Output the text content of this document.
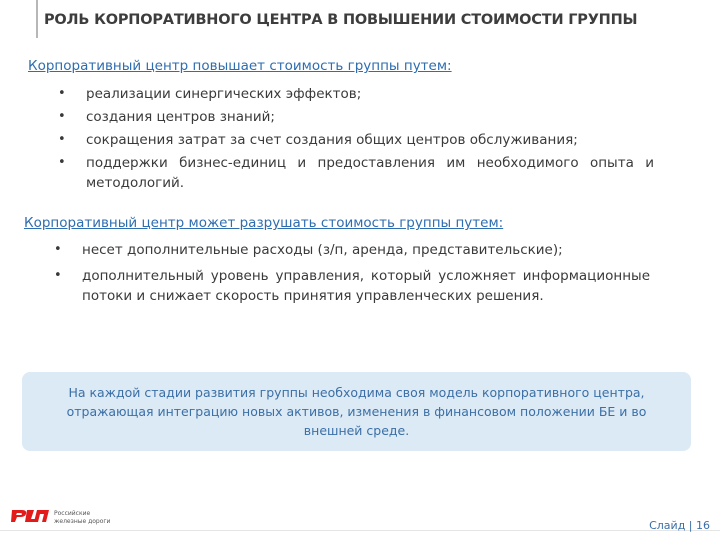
РОЛЬ КОРПОРАТИВНОГО ЦЕНТРА В ПОВЫШЕНИИ СТОИМОСТИ ГРУППЫ
Корпоративный центр повышает стоимость группы путем:
• реализации синергических эффектов;
• создания центров знаний;
• сокращения затрат за счет создания общих центров обслуживания;
• поддержки бизнес-единиц и предоставления им необходимого опыта и методологий.
Корпоративный центр может разрушать стоимость группы путем:
• несет дополнительные расходы (з/п, аренда, представительские);
• дополнительный уровень управления, который усложняет информационные потоки и снижает скорость принятия управленческих решения.
На каждой стадии развития группы необходима своя модель корпоративного центра, отражающая интеграцию новых активов, изменения в финансовом положении БЕ и во внешней среде.
Российские
железные дороги	Слайд | 16
